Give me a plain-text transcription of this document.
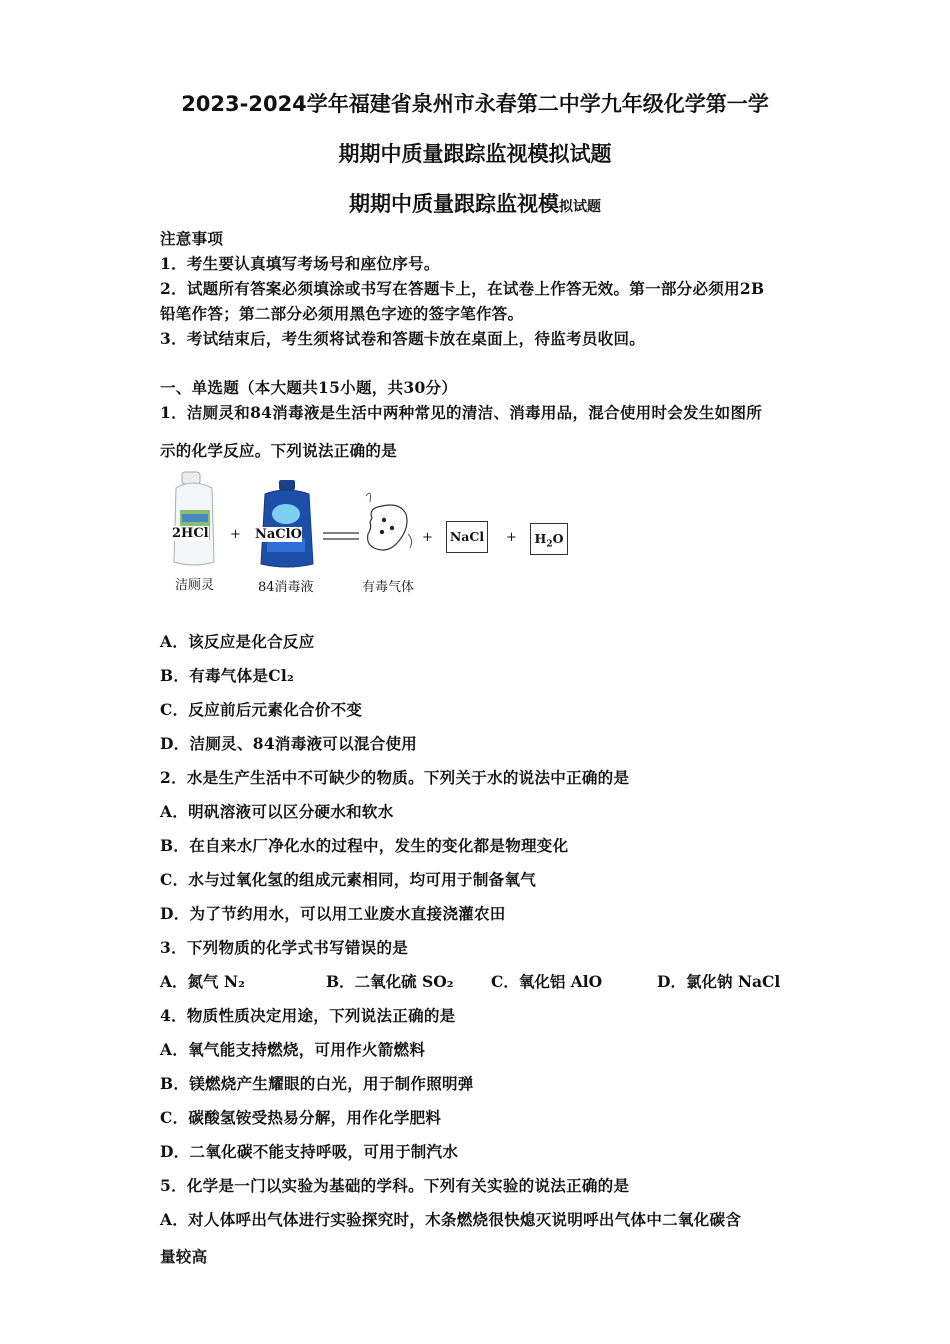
2023-2024学年福建省泉州市永春第二中学九年级化学第一学
期期中质量跟踪监视模拟试题
期期中质量跟踪监视模拟试题
注意事项
1．考生要认真填写考场号和座位序号。
2．试题所有答案必须填涂或书写在答题卡上，在试卷上作答无效。第一部分必须用2B
铅笔作答；第二部分必须用黑色字迹的签字笔作答。
3．考试结束后，考生须将试卷和答题卡放在桌面上，待监考员收回。
一、单选题（本大题共15小题，共30分）
1．洁厕灵和84消毒液是生活中两种常见的清洁、消毒用品，混合使用时会发生如图所
示的化学反应。下列说法正确的是
2HCl
洁厕灵
+ NaClO
84消毒液	有毒气体
+	NaCl +	$H_2O$
A．该反应是化合反应
B．有毒气体是Cl₂
C．反应前后元素化合价不变
D．洁厕灵、84消毒液可以混合使用
2．水是生产生活中不可缺少的物质。下列关于水的说法中正确的是
A．明矾溶液可以区分硬水和软水
B．在自来水厂净化水的过程中，发生的变化都是物理变化
C．水与过氧化氢的组成元素相同，均可用于制备氧气
D．为了节约用水，可以用工业废水直接浇灌农田
3．下列物质的化学式书写错误的是
A．氮气 N₂	B．二氧化硫 SO₂ C．氧化铝 AlO	D．氯化钠 NaCl
4．物质性质决定用途，下列说法正确的是
A．氧气能支持燃烧，可用作火箭燃料
B．镁燃烧产生耀眼的白光，用于制作照明弹
C．碳酸氢铵受热易分解，用作化学肥料
D．二氧化碳不能支持呼吸，可用于制汽水
5．化学是一门以实验为基础的学科。下列有关实验的说法正确的是
A．对人体呼出气体进行实验探究时，木条燃烧很快熄灭说明呼出气体中二氧化碳含
量较高
